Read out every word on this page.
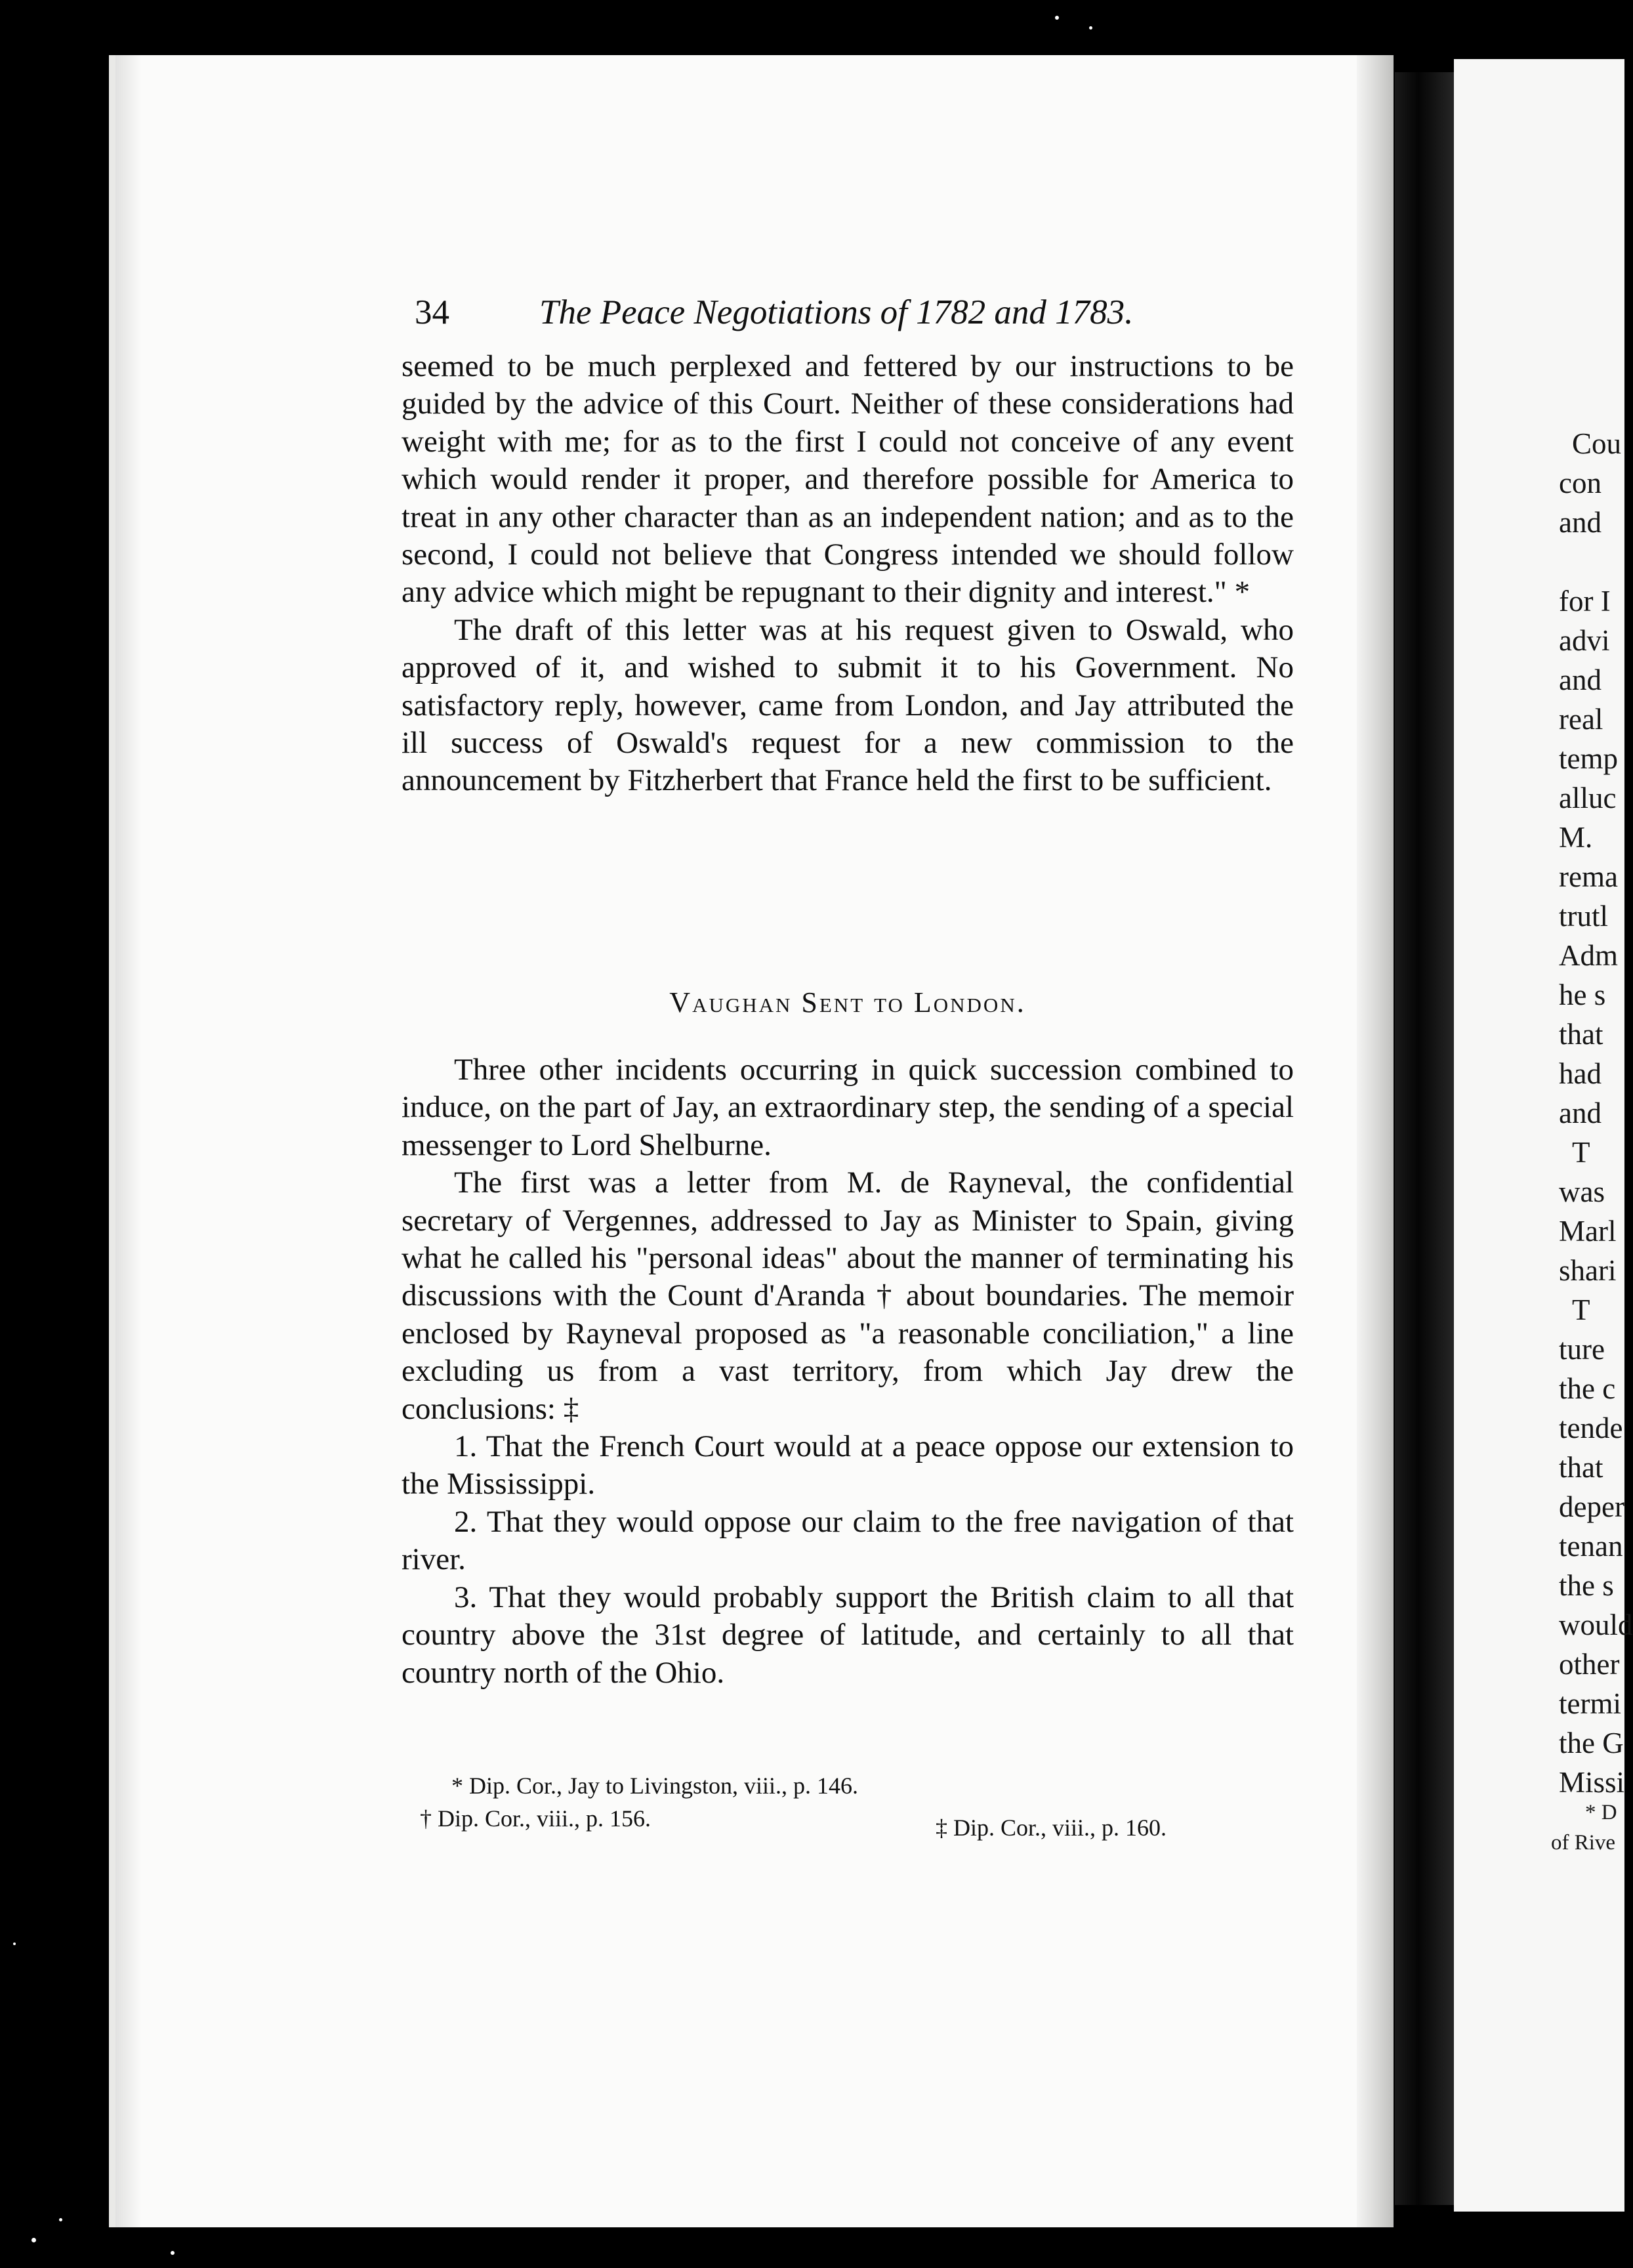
Cou
con
and
for I
advi
and
real
temp
alluc
M.
rema
trutl
Adm
he s
that
had
and
T
was
Marl
shari
T
ture
the c
tende
that
deper
tenan
the s
would
other
termi
the G
Missi
* D
of Rive
34	The Peace Negotiations of 1782 and 1783.

seemed to be much perplexed and fettered by our instructions to be guided by the advice of this Court. Neither of these considerations had weight with me; for as to the first I could not conceive of any event which would render it proper, and therefore possible for America to treat in any other character than as an independent nation; and as to the second, I could not believe that Congress intended we should follow any advice which might be repugnant to their dignity and interest." *

The draft of this letter was at his request given to Oswald, who approved of it, and wished to submit it to his Government. No satisfactory reply, however, came from London, and Jay attributed the ill success of Oswald's request for a new commission to the announcement by Fitzherbert that France held the first to be sufficient.

Vaughan Sent to London.

Three other incidents occurring in quick succession combined to induce, on the part of Jay, an extraordinary step, the sending of a special messenger to Lord Shelburne.

The first was a letter from M. de Rayneval, the confidential secretary of Vergennes, addressed to Jay as Minister to Spain, giving what he called his "personal ideas" about the manner of terminating his discussions with the Count d'Aranda † about boundaries. The memoir enclosed by Rayneval proposed as "a reasonable conciliation," a line excluding us from a vast territory, from which Jay drew the conclusions: ‡

1. That the French Court would at a peace oppose our extension to the Mississippi.

2. That they would oppose our claim to the free navigation of that river.

3. That they would probably support the British claim to all that country above the 31st degree of latitude, and certainly to all that country north of the Ohio.

* Dip. Cor., Jay to Livingston, viii., p. 146.
† Dip. Cor., viii., p. 156.	‡ Dip. Cor., viii., p. 160.
